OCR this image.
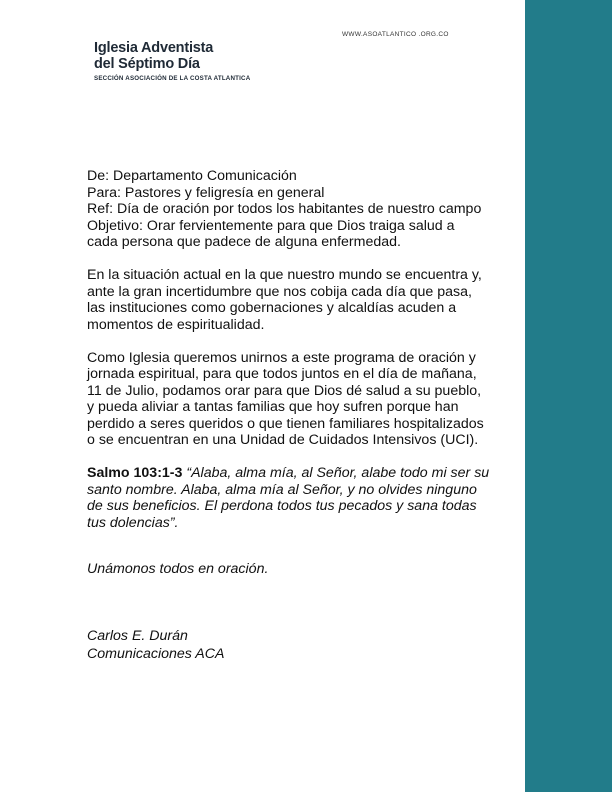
Iglesia Adventista
del Séptimo Día
SECCIÓN ASOCIACIÓN DE LA COSTA ATLANTICA
WWW.ASOATLANTICO .ORG.CO

De: Departamento Comunicación

Para: Pastores y feligresía en general

Ref: Día de oración por todos los habitantes de nuestro campo

Objetivo: Orar fervientemente para que Dios traiga salud a

cada persona que padece de alguna enfermedad.

En la situación actual en la que nuestro mundo se encuentra y,

ante la gran incertidumbre que nos cobija cada día que pasa,

las instituciones como gobernaciones y alcaldías acuden a

momentos de espiritualidad.

Como Iglesia queremos unirnos a este programa de oración y

jornada espiritual, para que todos juntos en el día de mañana,

11 de Julio, podamos orar para que Dios dé salud a su pueblo,

y pueda aliviar a tantas familias que hoy sufren porque han

perdido a seres queridos o que tienen familiares hospitalizados

o se encuentran en una Unidad de Cuidados Intensivos (UCI).

Salmo 103:1-3 “Alaba, alma mía, al Señor, alabe todo mi ser su

santo nombre. Alaba, alma mía al Señor, y no olvides ninguno

de sus beneficios. El perdona todos tus pecados y sana todas

tus dolencias”.

Unámonos todos en oración.
Carlos E. Durán
Comunicaciones ACA
